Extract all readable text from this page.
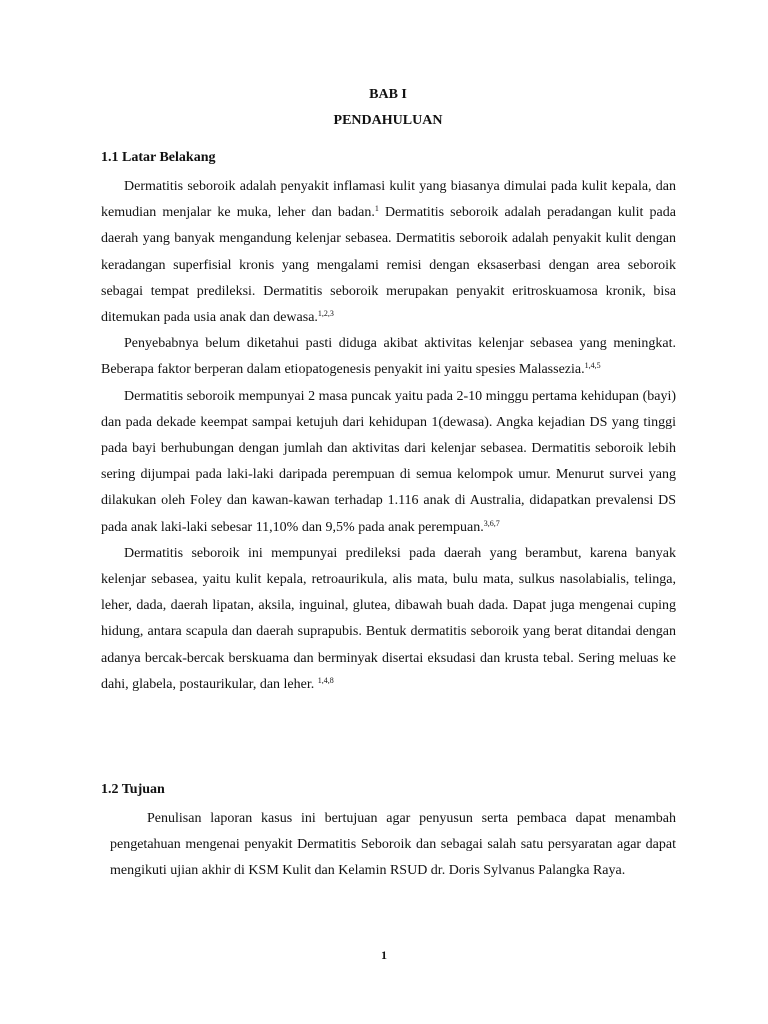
BAB I
PENDAHULUAN
1.1 Latar Belakang

Dermatitis seboroik adalah penyakit inflamasi kulit yang biasanya dimulai pada kulit kepala, dan kemudian menjalar ke muka, leher dan badan.$^1$ Dermatitis seboroik adalah peradangan kulit pada daerah yang banyak mengandung kelenjar sebasea. Dermatitis seboroik adalah penyakit kulit dengan keradangan superfisial kronis yang mengalami remisi dengan eksaserbasi dengan area seboroik sebagai tempat predileksi. Dermatitis seboroik merupakan penyakit eritroskuamosa kronik, bisa ditemukan pada usia anak dan dewasa.$^{1,2,3}$

Penyebabnya belum diketahui pasti diduga akibat aktivitas kelenjar sebasea yang meningkat. Beberapa faktor berperan dalam etiopatogenesis penyakit ini yaitu spesies Malassezia.$^{1,4,5}$

Dermatitis seboroik mempunyai 2 masa puncak yaitu pada 2-10 minggu pertama kehidupan (bayi) dan pada dekade keempat sampai ketujuh dari kehidupan 1(dewasa). Angka kejadian DS yang tinggi pada bayi berhubungan dengan jumlah dan aktivitas dari kelenjar sebasea. Dermatitis seboroik lebih sering dijumpai pada laki-laki daripada perempuan di semua kelompok umur. Menurut survei yang dilakukan oleh Foley dan kawan-kawan terhadap 1.116 anak di Australia, didapatkan prevalensi DS pada anak laki-laki sebesar 11,10% dan 9,5% pada anak perempuan.$^{3,6,7}$

Dermatitis seboroik ini mempunyai predileksi pada daerah yang berambut, karena banyak kelenjar sebasea, yaitu kulit kepala, retroaurikula, alis mata, bulu mata, sulkus nasolabialis, telinga, leher, dada, daerah lipatan, aksila, inguinal, glutea, dibawah buah dada. Dapat juga mengenai cuping hidung, antara scapula dan daerah suprapubis. Bentuk dermatitis seboroik yang berat ditandai dengan adanya bercak-bercak berskuama dan berminyak disertai eksudasi dan krusta tebal. Sering meluas ke dahi, glabela, postaurikular, dan leher. $^{1,4,8}$

1.2 Tujuan

Penulisan laporan kasus ini bertujuan agar penyusun serta pembaca dapat menambah pengetahuan mengenai penyakit Dermatitis Seboroik dan sebagai salah satu persyaratan agar dapat mengikuti ujian akhir di KSM Kulit dan Kelamin RSUD dr. Doris Sylvanus Palangka Raya.

1
